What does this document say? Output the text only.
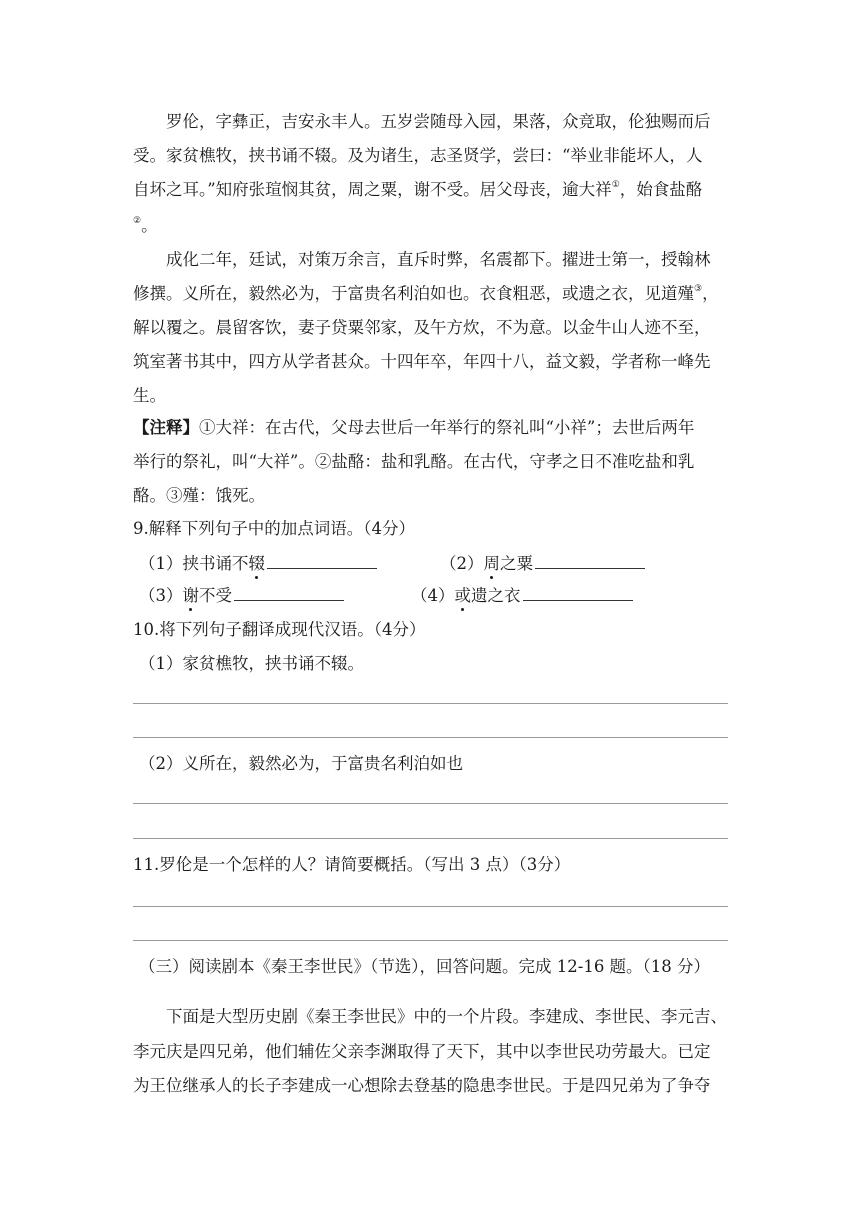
罗伦，字彝正，吉安永丰人。五岁尝随母入园，果落，众竞取，伦独赐而后
受。家贫樵牧，挟书诵不辍。及为诸生，志圣贤学，尝曰：“举业非能坏人，人
自坏之耳。”知府张瑄悯其贫，周之粟，谢不受。居父母丧，逾大祥①，始食盐酪
②。
成化二年，廷试，对策万余言，直斥时弊，名震都下。擢进士第一，授翰林
修撰。义所在，毅然必为，于富贵名利泊如也。衣食粗恶，或遗之衣，见道殣③，
解以覆之。晨留客饮，妻子贷粟邻家，及午方炊，不为意。以金牛山人迹不至，
筑室著书其中，四方从学者甚众。十四年卒，年四十八，益文毅，学者称一峰先
生。
【注释】①大祥：在古代，父母去世后一年举行的祭礼叫“小祥”；去世后两年
举行的祭礼，叫“大祥”。②盐酪：盐和乳酪。在古代，守孝之日不准吃盐和乳
酪。③殣：饿死。
9.解释下列句子中的加点词语。（4分）
（1）挟书诵不辍	（2）周之粟
（3）谢不受	（4）或遗之衣
10.将下列句子翻译成现代汉语。（4分）
（1）家贫樵牧，挟书诵不辍。
（2）义所在，毅然必为，于富贵名利泊如也
11.罗伦是一个怎样的人？请简要概括。（写出 3 点）（3分）
（三）阅读剧本《秦王李世民》（节选），回答问题。完成 12-16 题。（18 分）
下面是大型历史剧《秦王李世民》中的一个片段。李建成、李世民、李元吉、
李元庆是四兄弟，他们辅佐父亲李渊取得了天下，其中以李世民功劳最大。已定
为王位继承人的长子李建成一心想除去登基的隐患李世民。于是四兄弟为了争夺
